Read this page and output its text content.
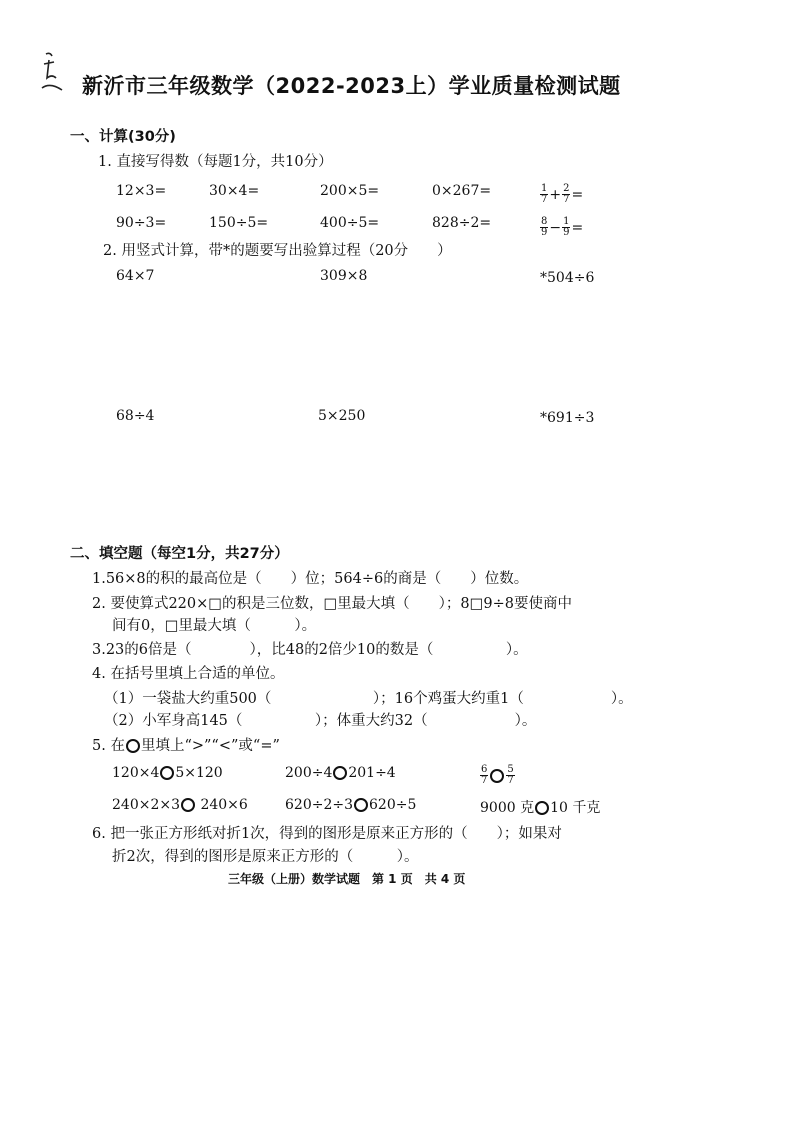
新沂市三年级数学（2022-2023上）学业质量检测试题
一、计算(30分)
1. 直接写得数（每题1分，共10分）
12×3=	30×4=	200×5=	0×267=	$\frac{1}{7} + \frac{2}{7}$ =
90÷3=	150÷5=	400÷5=	828÷2=	$\frac{8}{9} - \frac{1}{9}$ =
2. 用竖式计算，带*的题要写出验算过程（20分　　）
64×7	309×8	*504÷6
68÷4	5×250	*691÷3
二、填空题（每空1分，共27分）
1.56×8的积的最高位是（　　）位；564÷6的商是（　　）位数。
2. 要使算式220×□的积是三位数，□里最大填（　　）；8□9÷8要使商中
间有0，□里最大填（　　　）。
3.23的6倍是（　　　　），比48的2倍少10的数是（　　　　　）。
4. 在括号里填上合适的单位。
（1）一袋盐大约重500（　　　　　　　）；16个鸡蛋大约重1（　　　　　　）。
（2）小军身高145（　　　　　）；体重大约32（　　　　　　）。
5. 在 里填上“>”“<”或“=”
120×4 5×120	200÷4 201÷4	$\frac{6}{7} \frac{5}{7}$
240×2×3 240×6	620÷2÷3 620÷5	9000 克 10 千克
6. 把一张正方形纸对折1次，得到的图形是原来正方形的（　　）；如果对
折2次，得到的图形是原来正方形的（　　　）。
三年级（上册）数学试题　第 1 页　共 4 页
